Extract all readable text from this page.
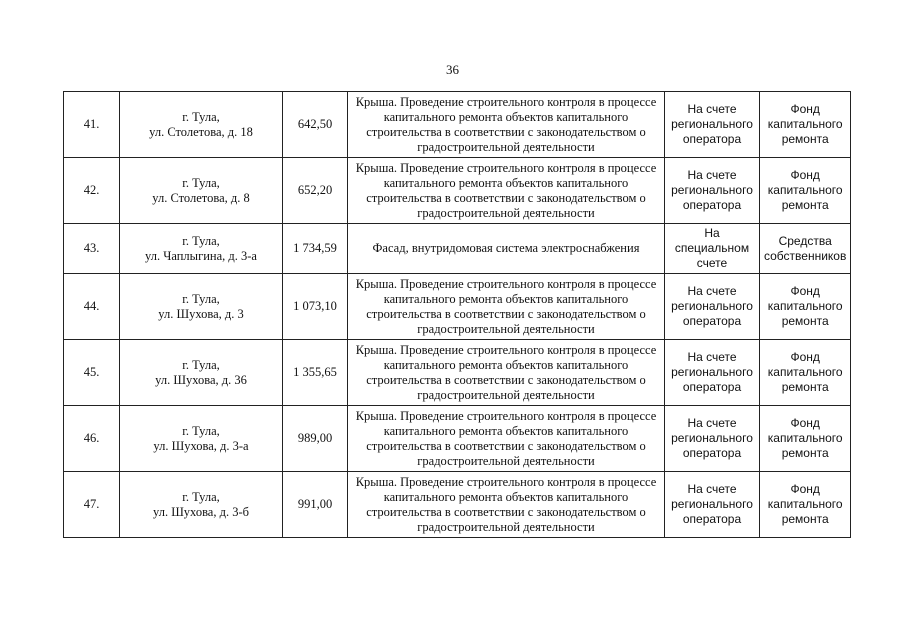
36
41.	г. Тула,
ул. Столетова, д. 18	642,50	Крыша. Проведение строительного контроля в процессе
капитального ремонта объектов капитального
строительства в соответствии с законодательством о
градостроительной деятельности	На счете
регионального
оператора	Фонд
капитального
ремонта

42.	г. Тула,
ул. Столетова, д. 8	652,20	Крыша. Проведение строительного контроля в процессе
капитального ремонта объектов капитального
строительства в соответствии с законодательством о
градостроительной деятельности	На счете
регионального
оператора	Фонд
капитального
ремонта

43.	г. Тула,
ул. Чаплыгина, д. 3-а	1 734,59	Фасад, внутридомовая система электроснабжения	На
специальном
счете	Средства
собственников

44.	г. Тула,
ул. Шухова, д. 3	1 073,10	Крыша. Проведение строительного контроля в процессе
капитального ремонта объектов капитального
строительства в соответствии с законодательством о
градостроительной деятельности	На счете
регионального
оператора	Фонд
капитального
ремонта

45.	г. Тула,
ул. Шухова, д. 36	1 355,65	Крыша. Проведение строительного контроля в процессе
капитального ремонта объектов капитального
строительства в соответствии с законодательством о
градостроительной деятельности	На счете
регионального
оператора	Фонд
капитального
ремонта

46.	г. Тула,
ул. Шухова, д. 3-а	989,00	Крыша. Проведение строительного контроля в процессе
капитального ремонта объектов капитального
строительства в соответствии с законодательством о
градостроительной деятельности	На счете
регионального
оператора	Фонд
капитального
ремонта

47.	г. Тула,
ул. Шухова, д. 3-б	991,00	Крыша. Проведение строительного контроля в процессе
капитального ремонта объектов капитального
строительства в соответствии с законодательством о
градостроительной деятельности	На счете
регионального
оператора	Фонд
капитального
ремонта
